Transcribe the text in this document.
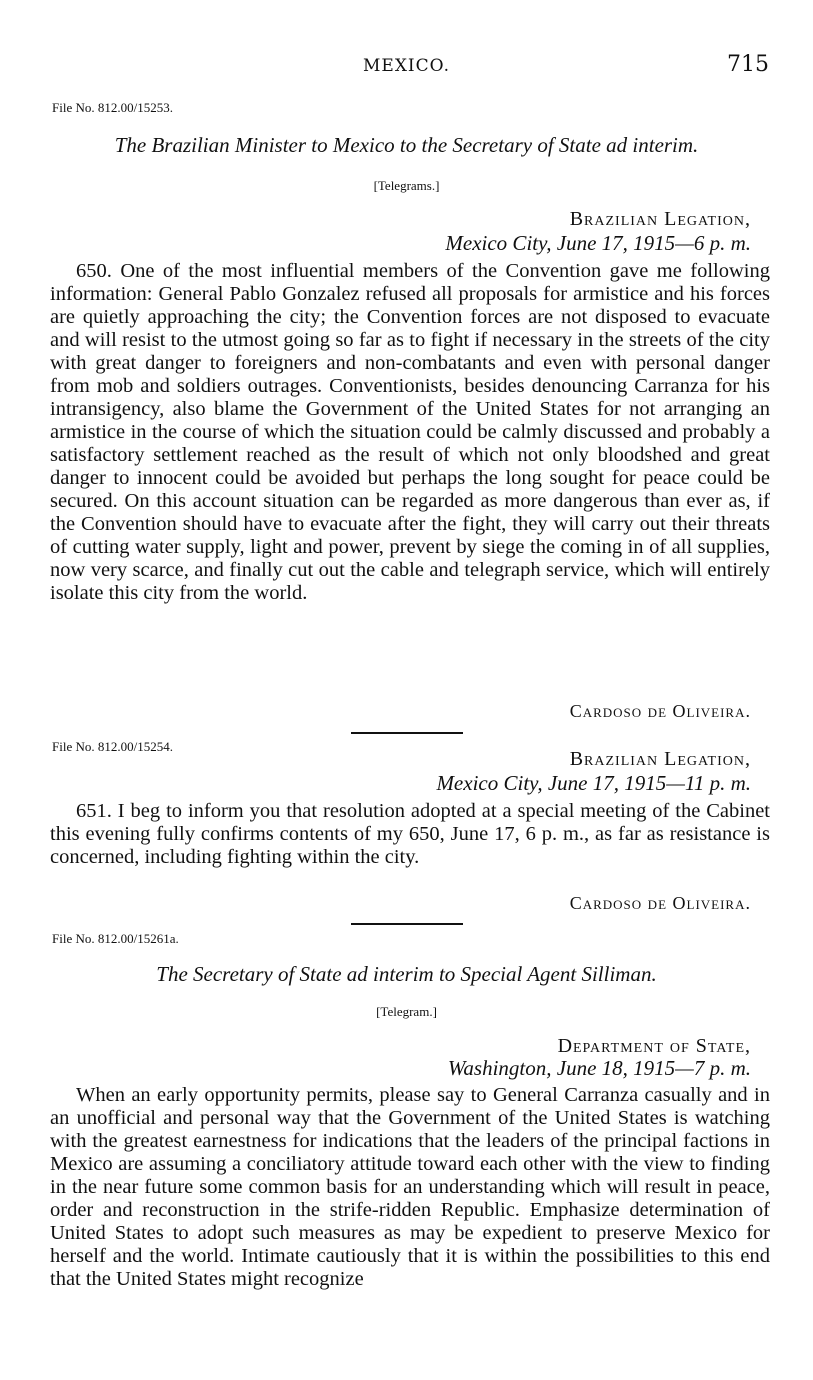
MEXICO.	715
File No. 812.00/15253.
The Brazilian Minister to Mexico to the Secretary of State ad interim.
[Telegrams.]
Brazilian Legation,
Mexico City, June 17, 1915—6 p. m.

650. One of the most influential members of the Convention gave me following information: General Pablo Gonzalez refused all proposals for armistice and his forces are quietly approaching the city; the Convention forces are not disposed to evacuate and will resist to the utmost going so far as to fight if necessary in the streets of the city with great danger to foreigners and non-combatants and even with personal danger from mob and soldiers outrages. Conventionists, besides denouncing Carranza for his intransigency, also blame the Government of the United States for not arranging an armistice in the course of which the situation could be calmly discussed and probably a satisfactory settlement reached as the result of which not only bloodshed and great danger to innocent could be avoided but perhaps the long sought for peace could be secured. On this account situation can be regarded as more dangerous than ever as, if the Convention should have to evacuate after the fight, they will carry out their threats of cutting water supply, light and power, prevent by siege the coming in of all supplies, now very scarce, and finally cut out the cable and telegraph service, which will entirely isolate this city from the world.

Cardoso de Oliveira.
File No. 812.00/15254.
Brazilian Legation,
Mexico City, June 17, 1915—11 p. m.

651. I beg to inform you that resolution adopted at a special meeting of the Cabinet this evening fully confirms contents of my 650, June 17, 6 p. m., as far as resistance is concerned, including fighting within the city.

Cardoso de Oliveira.
File No. 812.00/15261a.
The Secretary of State ad interim to Special Agent Silliman.
[Telegram.]
Department of State,
Washington, June 18, 1915—7 p. m.

When an early opportunity permits, please say to General Carranza casually and in an unofficial and personal way that the Government of the United States is watching with the greatest earnestness for indications that the leaders of the principal factions in Mexico are assuming a conciliatory attitude toward each other with the view to finding in the near future some common basis for an understanding which will result in peace, order and reconstruction in the strife-ridden Republic. Emphasize determination of United States to adopt such measures as may be expedient to preserve Mexico for herself and the world. Intimate cautiously that it is within the possibilities to this end that the United States might recognize
